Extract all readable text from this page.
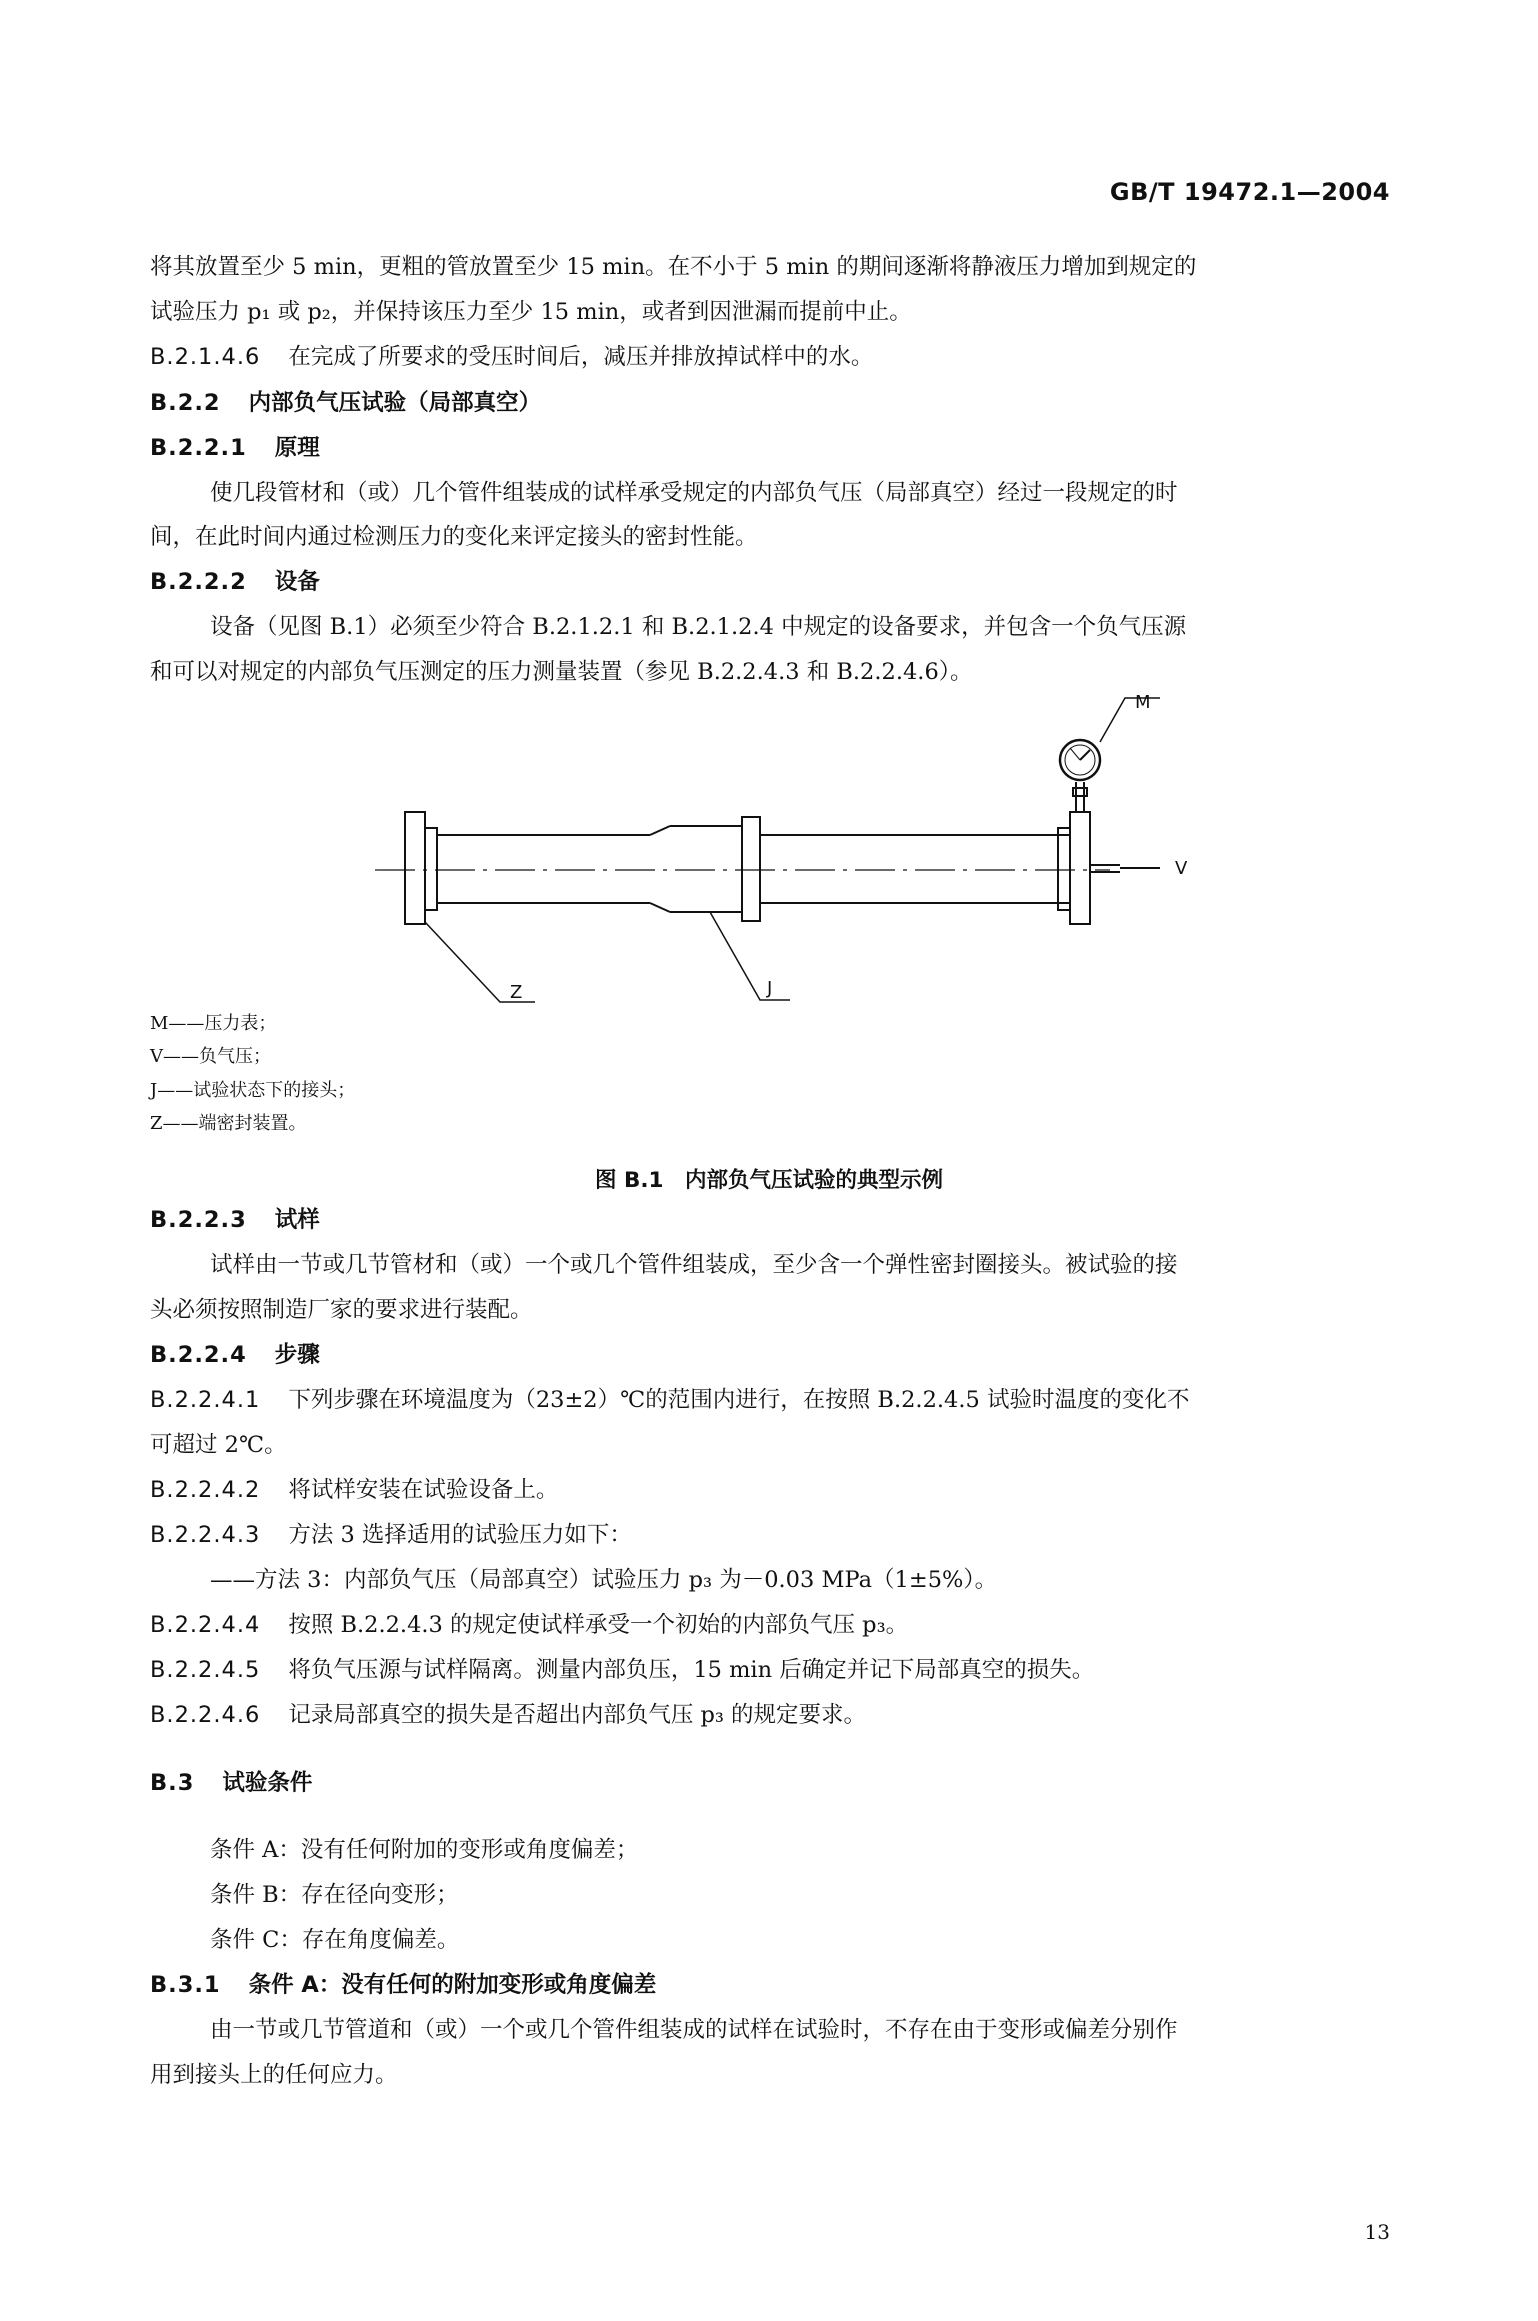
GB/T 19472.1—2004
将其放置至少 5 min，更粗的管放置至少 15 min。在不小于 5 min 的期间逐渐将静液压力增加到规定的
试验压力 p₁ 或 p₂，并保持该压力至少 15 min，或者到因泄漏而提前中止。
B.2.1.4.6 在完成了所要求的受压时间后，减压并排放掉试样中的水。
B.2.2 内部负气压试验（局部真空）
B.2.2.1 原理
使几段管材和（或）几个管件组装成的试样承受规定的内部负气压（局部真空）经过一段规定的时
间，在此时间内通过检测压力的变化来评定接头的密封性能。
B.2.2.2 设备
设备（见图 B.1）必须至少符合 B.2.1.2.1 和 B.2.1.2.4 中规定的设备要求，并包含一个负气压源
和可以对规定的内部负气压测定的压力测量装置（参见 B.2.2.4.3 和 B.2.2.4.6）。
M
V
J
Z
M——压力表；
V——负气压；
J——试验状态下的接头；
Z——端密封装置。
图 B.1　内部负气压试验的典型示例
B.2.2.3 试样
试样由一节或几节管材和（或）一个或几个管件组装成，至少含一个弹性密封圈接头。被试验的接
头必须按照制造厂家的要求进行装配。
B.2.2.4 步骤
B.2.2.4.1 下列步骤在环境温度为（23±2）℃的范围内进行，在按照 B.2.2.4.5 试验时温度的变化不
可超过 2℃。
B.2.2.4.2 将试样安装在试验设备上。
B.2.2.4.3 方法 3 选择适用的试验压力如下：
——方法 3：内部负气压（局部真空）试验压力 p₃ 为－0.03 MPa（1±5%）。
B.2.2.4.4 按照 B.2.2.4.3 的规定使试样承受一个初始的内部负气压 p₃。
B.2.2.4.5 将负气压源与试样隔离。测量内部负压，15 min 后确定并记下局部真空的损失。
B.2.2.4.6 记录局部真空的损失是否超出内部负气压 p₃ 的规定要求。
B.3 试验条件
条件 A：没有任何附加的变形或角度偏差；
条件 B：存在径向变形；
条件 C：存在角度偏差。
B.3.1 条件 A：没有任何的附加变形或角度偏差
由一节或几节管道和（或）一个或几个管件组装成的试样在试验时，不存在由于变形或偏差分别作
用到接头上的任何应力。
13
